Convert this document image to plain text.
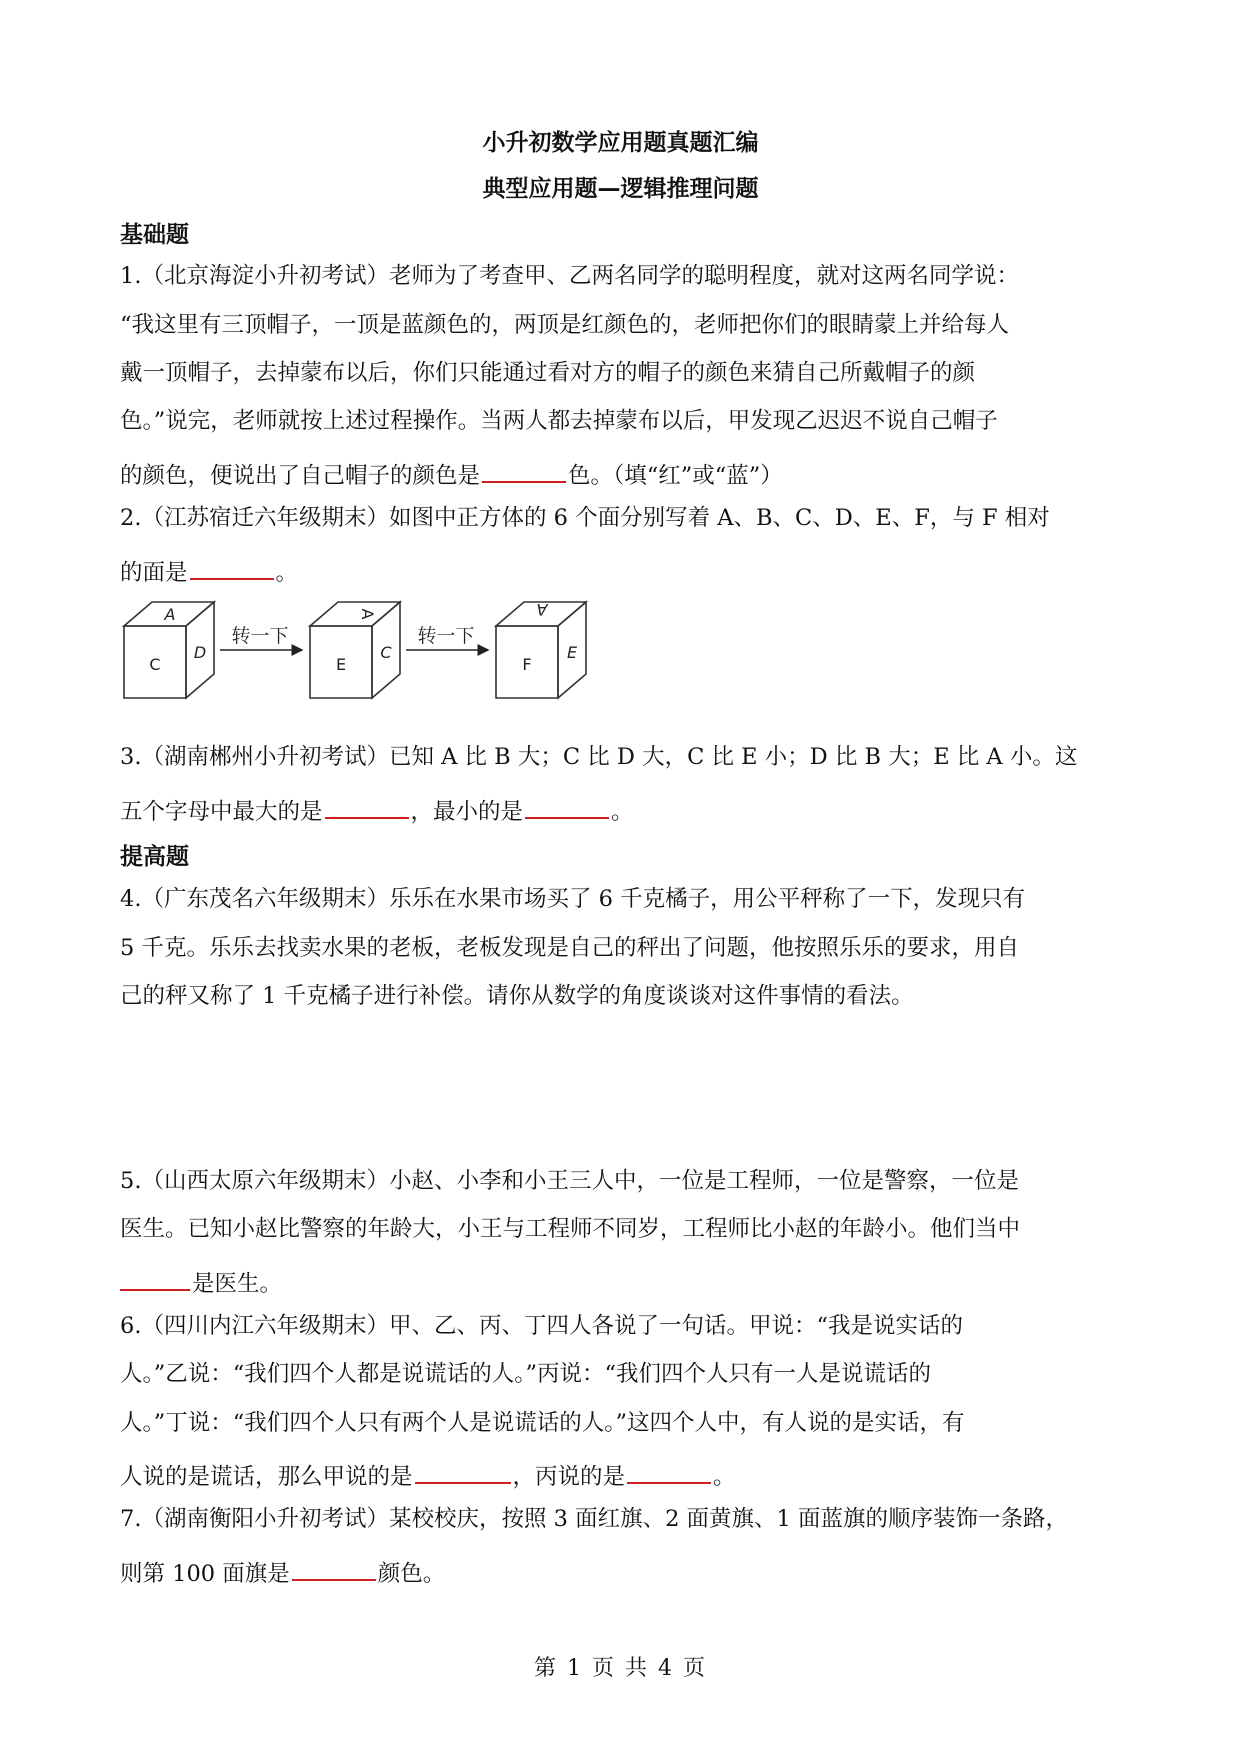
小升初数学应用题真题汇编
典型应用题—逻辑推理问题
基础题
1.（北京海淀小升初考试）老师为了考查甲、乙两名同学的聪明程度，就对这两名同学说：
“我这里有三顶帽子，一顶是蓝颜色的，两顶是红颜色的，老师把你们的眼睛蒙上并给每人
戴一顶帽子，去掉蒙布以后，你们只能通过看对方的帽子的颜色来猜自己所戴帽子的颜
色。”说完，老师就按上述过程操作。当两人都去掉蒙布以后，甲发现乙迟迟不说自己帽子
的颜色，便说出了自己帽子的颜色是	色。（填“红”或“蓝”）
2.（江苏宿迁六年级期末）如图中正方体的 6 个面分别写着 A、B、C、D、E、F，与 F 相对
的面是	。
转一下	转一下
A
C
D
A
E
C
A
F
E
3.（湖南郴州小升初考试）已知 A 比 B 大；C 比 D 大，C 比 E 小；D 比 B 大；E 比 A 小。这
五个字母中最大的是	，最小的是	。
提高题
4.（广东茂名六年级期末）乐乐在水果市场买了 6 千克橘子，用公平秤称了一下，发现只有
5 千克。乐乐去找卖水果的老板，老板发现是自己的秤出了问题，他按照乐乐的要求，用自
己的秤又称了 1 千克橘子进行补偿。请你从数学的角度谈谈对这件事情的看法。
5.（山西太原六年级期末）小赵、小李和小王三人中，一位是工程师，一位是警察，一位是
医生。已知小赵比警察的年龄大，小王与工程师不同岁，工程师比小赵的年龄小。他们当中
是医生。
6.（四川内江六年级期末）甲、乙、丙、丁四人各说了一句话。甲说：“我是说实话的
人。”乙说：“我们四个人都是说谎话的人。”丙说：“我们四个人只有一人是说谎话的
人。”丁说：“我们四个人只有两个人是说谎话的人。”这四个人中，有人说的是实话，有
人说的是谎话，那么甲说的是	，丙说的是	。
7.（湖南衡阳小升初考试）某校校庆，按照 3 面红旗、2 面黄旗、1 面蓝旗的顺序装饰一条路，
则第 100 面旗是	颜色。
第 1 页 共 4 页
